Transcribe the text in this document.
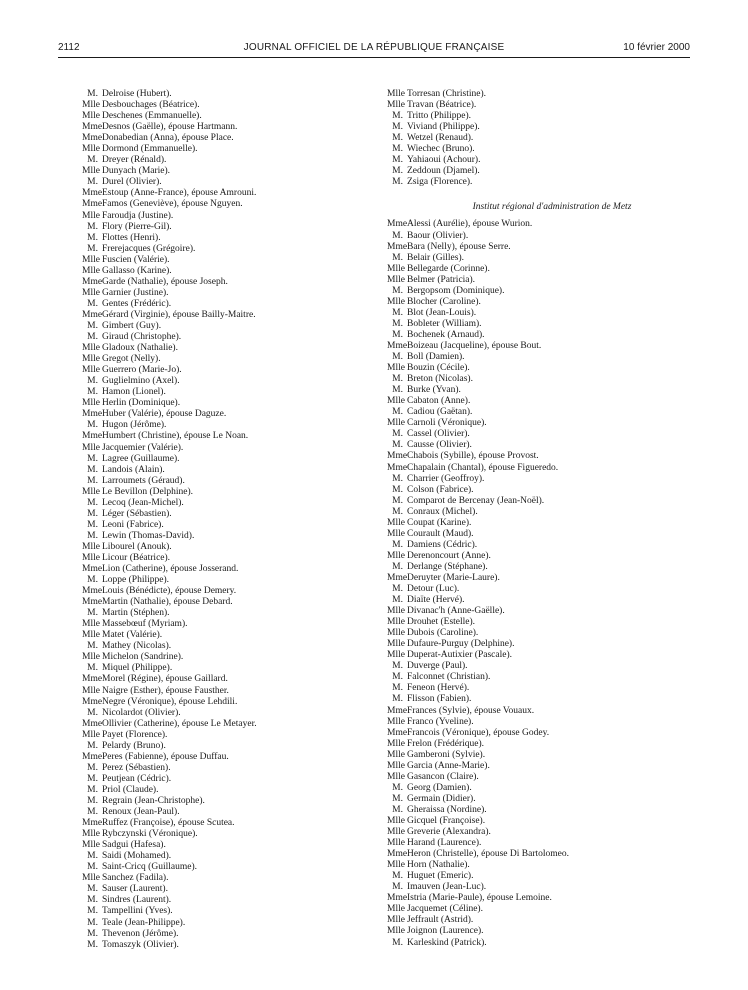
2112	JOURNAL OFFICIEL DE LA RÉPUBLIQUE FRANÇAISE	10 février 2000
M. Delroise (Hubert).
Mlle Desbouchages (Béatrice).
Mlle Deschenes (Emmanuelle).
MmeDesnos (Gaëlle), épouse Hartmann.
MmeDonabedian (Anna), épouse Place.
Mlle Dormond (Emmanuelle).
M. Dreyer (Rénald).
Mlle Dunyach (Marie).
M. Durel (Olivier).
MmeEstoup (Anne-France), épouse Amrouni.
MmeFamos (Geneviève), épouse Nguyen.
Mlle Faroudja (Justine).
M. Flory (Pierre-Gil).
M. Flottes (Henri).
M. Frerejacques (Grégoire).
Mlle Fuscien (Valérie).
Mlle Gallasso (Karine).
MmeGarde (Nathalie), épouse Joseph.
Mlle Garnier (Justine).
M. Gentes (Frédéric).
MmeGérard (Virginie), épouse Bailly-Maitre.
M. Gimbert (Guy).
M. Giraud (Christophe).
Mlle Gladoux (Nathalie).
Mlle Gregot (Nelly).
Mlle Guerrero (Marie-Jo).
M. Guglielmino (Axel).
M. Hamon (Lionel).
Mlle Herlin (Dominique).
MmeHuber (Valérie), épouse Daguze.
M. Hugon (Jérôme).
MmeHumbert (Christine), épouse Le Noan.
Mlle Jacquemier (Valérie).
M. Lagree (Guillaume).
M. Landois (Alain).
M. Larroumets (Géraud).
Mlle Le Bevillon (Delphine).
M. Lecoq (Jean-Michel).
M. Léger (Sébastien).
M. Leoni (Fabrice).
M. Lewin (Thomas-David).
Mlle Libourel (Anouk).
Mlle Licour (Béatrice).
MmeLion (Catherine), épouse Josserand.
M. Loppe (Philippe).
MmeLouis (Bénédicte), épouse Demery.
MmeMartin (Nathalie), épouse Debard.
M. Martin (Stéphen).
Mlle Massebœuf (Myriam).
Mlle Matet (Valérie).
M. Mathey (Nicolas).
Mlle Michelon (Sandrine).
M. Miquel (Philippe).
MmeMorel (Régine), épouse Gaillard.
Mlle Naigre (Esther), épouse Fausther.
MmeNegre (Véronique), épouse Lehdili.
M. Nicolardot (Olivier).
MmeOllivier (Catherine), épouse Le Metayer.
Mlle Payet (Florence).
M. Pelardy (Bruno).
MmePeres (Fabienne), épouse Duffau.
M. Perez (Sébastien).
M. Peutjean (Cédric).
M. Priol (Claude).
M. Regrain (Jean-Christophe).
M. Renoux (Jean-Paul).
MmeRuffez (Françoise), épouse Scutea.
Mlle Rybczynski (Véronique).
Mlle Sadgui (Hafesa).
M. Saidi (Mohamed).
M. Saint-Cricq (Guillaume).
Mlle Sanchez (Fadila).
M. Sauser (Laurent).
M. Sindres (Laurent).
M. Tampellini (Yves).
M. Teale (Jean-Philippe).
M. Thevenon (Jérôme).
M. Tomaszyk (Olivier).
Mlle Torresan (Christine).
Mlle Travan (Béatrice).
M. Tritto (Philippe).
M. Viviand (Philippe).
M. Wetzel (Renaud).
M. Wiechec (Bruno).
M. Yahiaoui (Achour).
M. Zeddoun (Djamel).
M. Zsiga (Florence).
Institut régional d'administration de Metz
MmeAlessi (Aurélie), épouse Wurion.
M. Baour (Olivier).
MmeBara (Nelly), épouse Serre.
M. Belair (Gilles).
Mlle Bellegarde (Corinne).
Mlle Belmer (Patricia).
M. Bergopsom (Dominique).
Mlle Blocher (Caroline).
M. Blot (Jean-Louis).
M. Bobleter (William).
M. Bochenek (Arnaud).
MmeBoizeau (Jacqueline), épouse Bout.
M. Boll (Damien).
Mlle Bouzin (Cécile).
M. Breton (Nicolas).
M. Burke (Yvan).
Mlle Cabaton (Anne).
M. Cadiou (Gaëtan).
Mlle Carnoli (Véronique).
M. Cassel (Olivier).
M. Causse (Olivier).
MmeChabois (Sybille), épouse Provost.
MmeChapalain (Chantal), épouse Figueredo.
M. Charrier (Geoffroy).
M. Colson (Fabrice).
M. Comparot de Bercenay (Jean-Noël).
M. Conraux (Michel).
Mlle Coupat (Karine).
Mlle Courault (Maud).
M. Damiens (Cédric).
Mlle Derenoncourt (Anne).
M. Derlange (Stéphane).
MmeDeruyter (Marie-Laure).
M. Detour (Luc).
M. Diaïte (Hervé).
Mlle Divanac'h (Anne-Gaëlle).
Mlle Drouhet (Estelle).
Mlle Dubois (Caroline).
Mlle Dufaure-Purguy (Delphine).
Mlle Duperat-Autixier (Pascale).
M. Duverge (Paul).
M. Falconnet (Christian).
M. Feneon (Hervé).
M. Flisson (Fabien).
MmeFrances (Sylvie), épouse Vouaux.
Mlle Franco (Yveline).
MmeFrancois (Véronique), épouse Godey.
Mlle Frelon (Frédérique).
Mlle Gamberoni (Sylvie).
Mlle Garcia (Anne-Marie).
Mlle Gasancon (Claire).
M. Georg (Damien).
M. Germain (Didier).
M. Gheraissa (Nordine).
Mlle Gicquel (Françoise).
Mlle Greverie (Alexandra).
Mlle Harand (Laurence).
MmeHeron (Christelle), épouse Di Bartolomeo.
Mlle Horn (Nathalie).
M. Huguet (Emeric).
M. Imauven (Jean-Luc).
MmeIstria (Marie-Paule), épouse Lemoine.
Mlle Jacquemet (Céline).
Mlle Jeffrault (Astrid).
Mlle Joignon (Laurence).
M. Karleskind (Patrick).
